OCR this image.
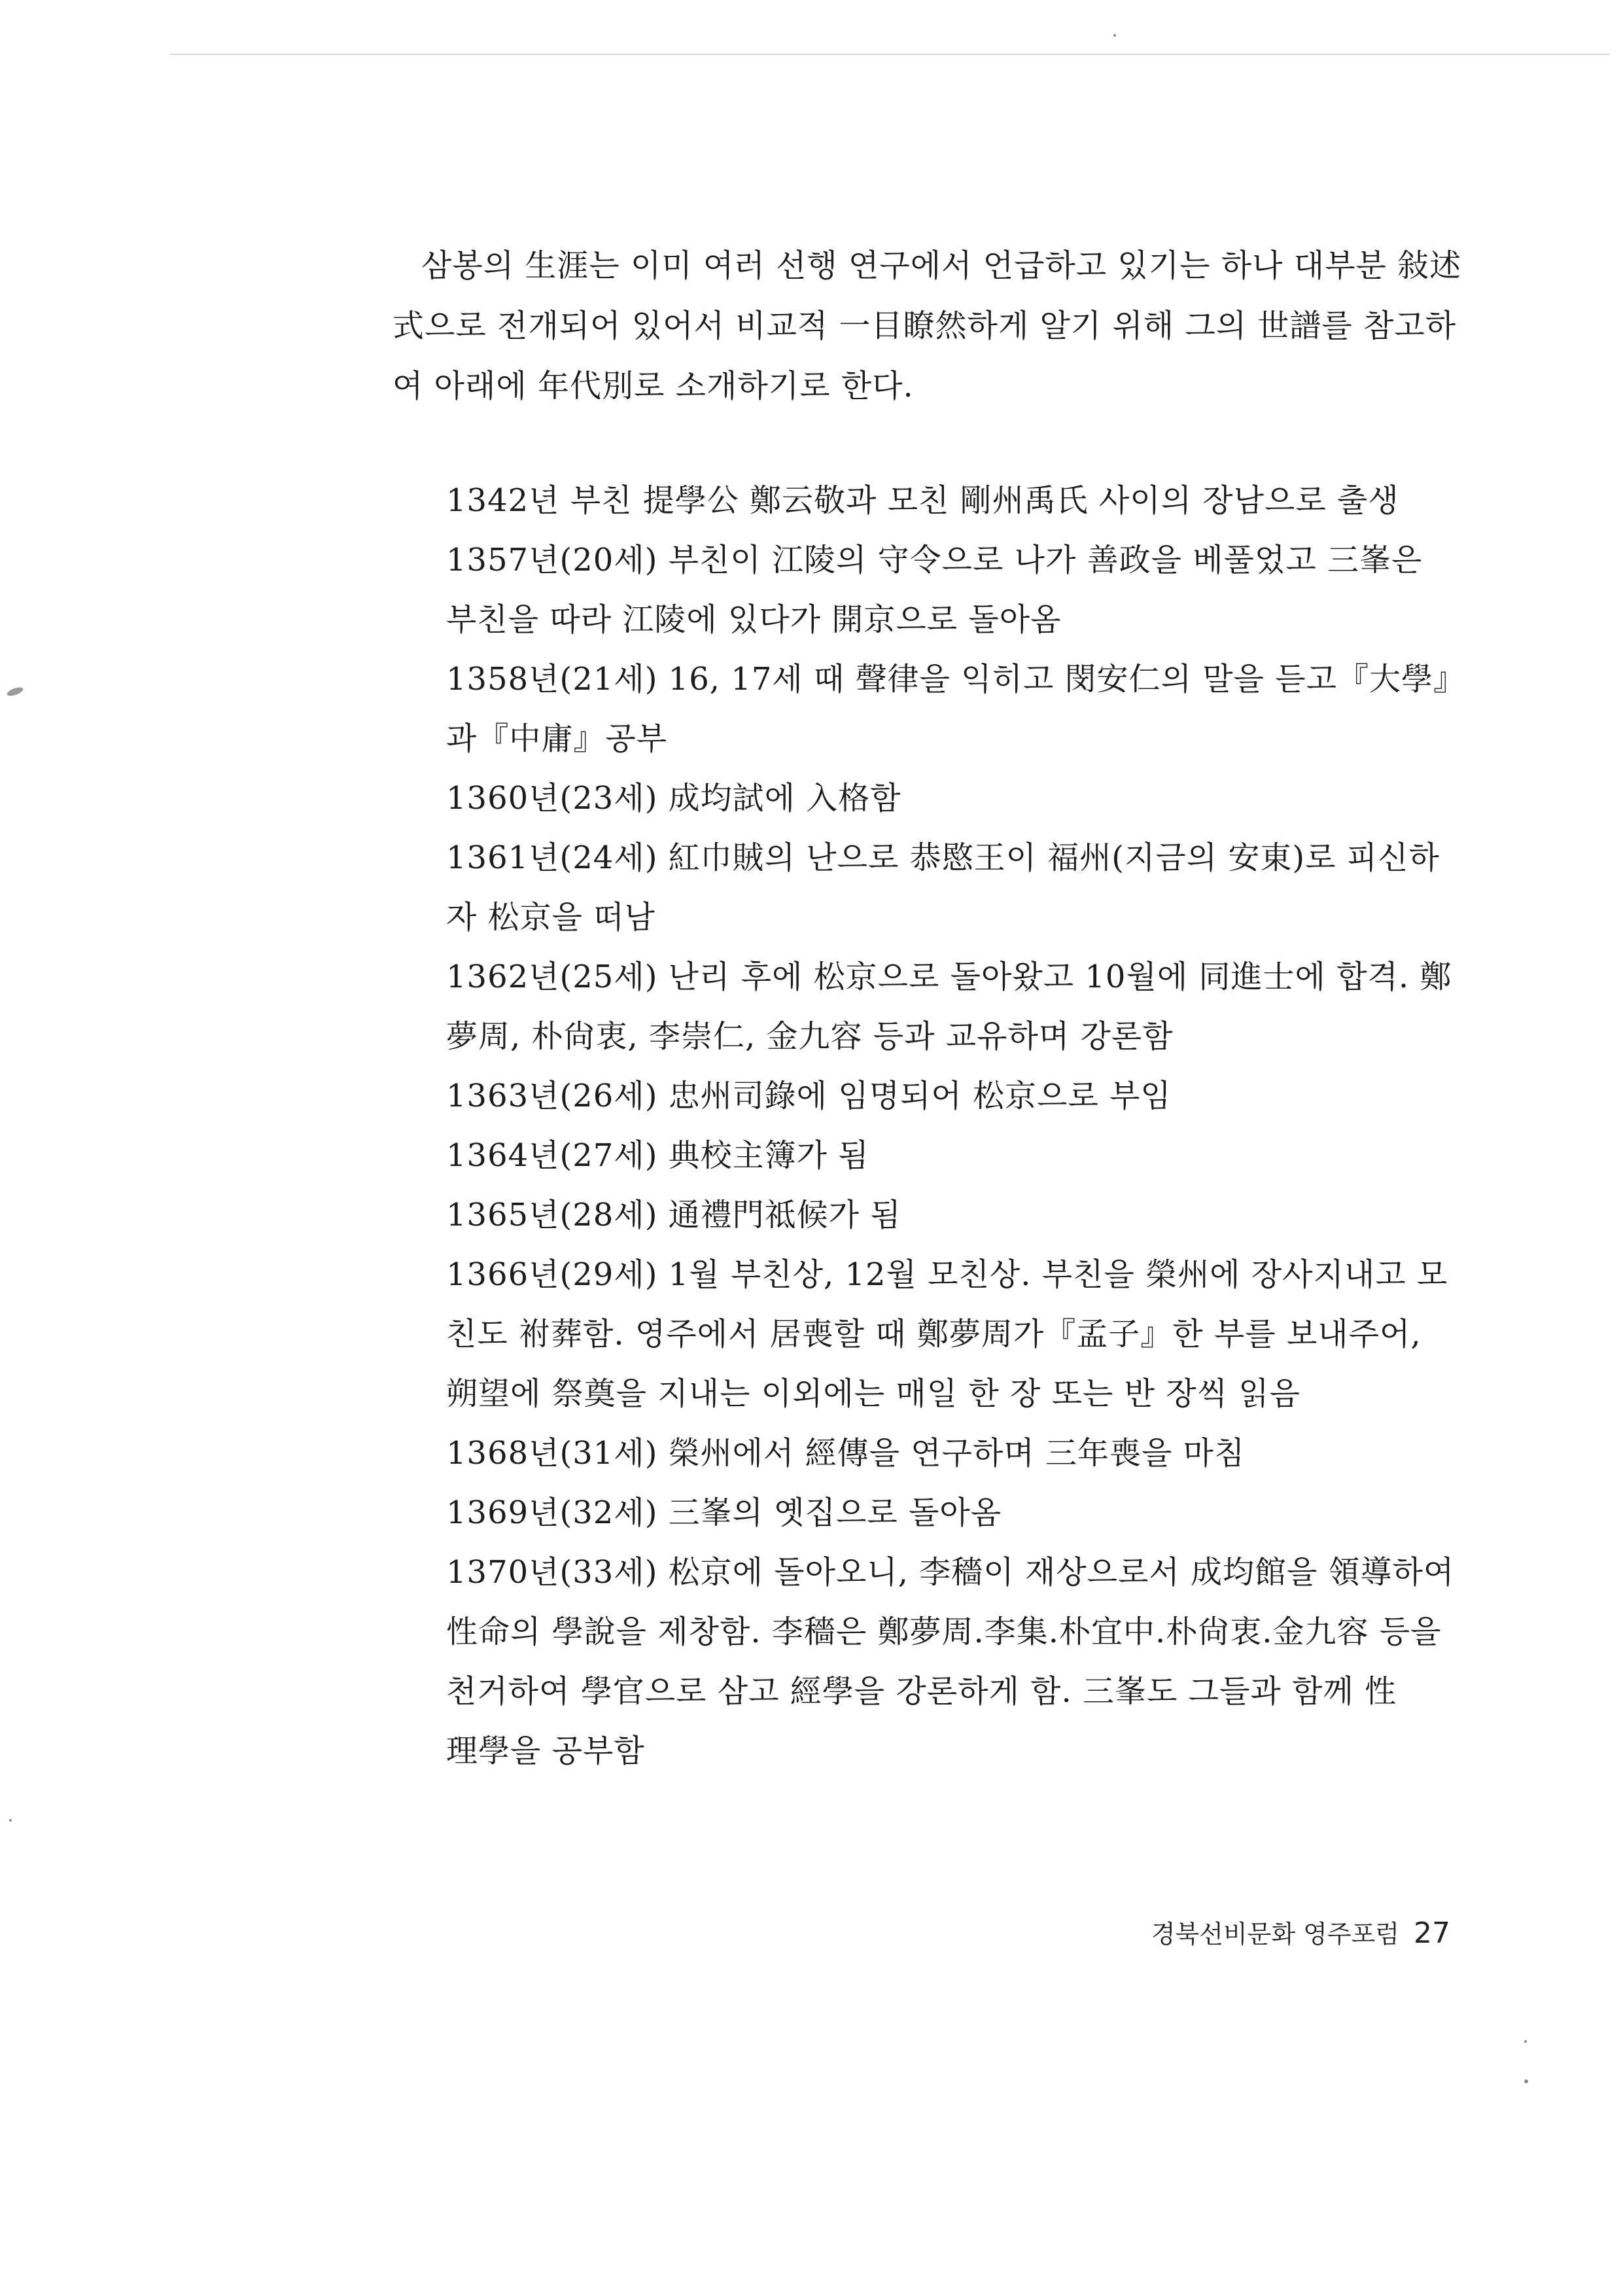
삼봉의 生涯는 이미 여러 선행 연구에서 언급하고 있기는 하나 대부분 敍述
式으로 전개되어 있어서 비교적 一目瞭然하게 알기 위해 그의 世譜를 참고하
여 아래에 年代別로 소개하기로 한다.
1342년 부친 提學公 鄭云敬과 모친 剛州禹氏 사이의 장남으로 출생
1357년(20세) 부친이 江陵의 守令으로 나가 善政을 베풀었고 三峯은
부친을 따라 江陵에 있다가 開京으로 돌아옴
1358년(21세) 16, 17세 때 聲律을 익히고 閔安仁의 말을 듣고『大學』
과『中庸』공부
1360년(23세) 成均試에 入格함
1361년(24세) 紅巾賊의 난으로 恭愍王이 福州(지금의 安東)로 피신하
자 松京을 떠남
1362년(25세) 난리 후에 松京으로 돌아왔고 10월에 同進士에 합격. 鄭
夢周, 朴尙衷, 李崇仁, 金九容 등과 교유하며 강론함
1363년(26세) 忠州司錄에 임명되어 松京으로 부임
1364년(27세) 典校主簿가 됨
1365년(28세) 通禮門祗候가 됨
1366년(29세) 1월 부친상, 12월 모친상. 부친을 榮州에 장사지내고 모
친도 祔葬함. 영주에서 居喪할 때 鄭夢周가『孟子』한 부를 보내주어,
朔望에 祭奠을 지내는 이외에는 매일 한 장 또는 반 장씩 읽음
1368년(31세) 榮州에서 經傳을 연구하며 三年喪을 마침
1369년(32세) 三峯의 옛집으로 돌아옴
1370년(33세) 松京에 돌아오니, 李穡이 재상으로서 成均館을 領導하여
性命의 學說을 제창함. 李穡은 鄭夢周.李集.朴宜中.朴尙衷.金九容 등을
천거하여 學官으로 삼고 經學을 강론하게 함. 三峯도 그들과 함께 性
理學을 공부함
경북선비문화 영주포럼 27
